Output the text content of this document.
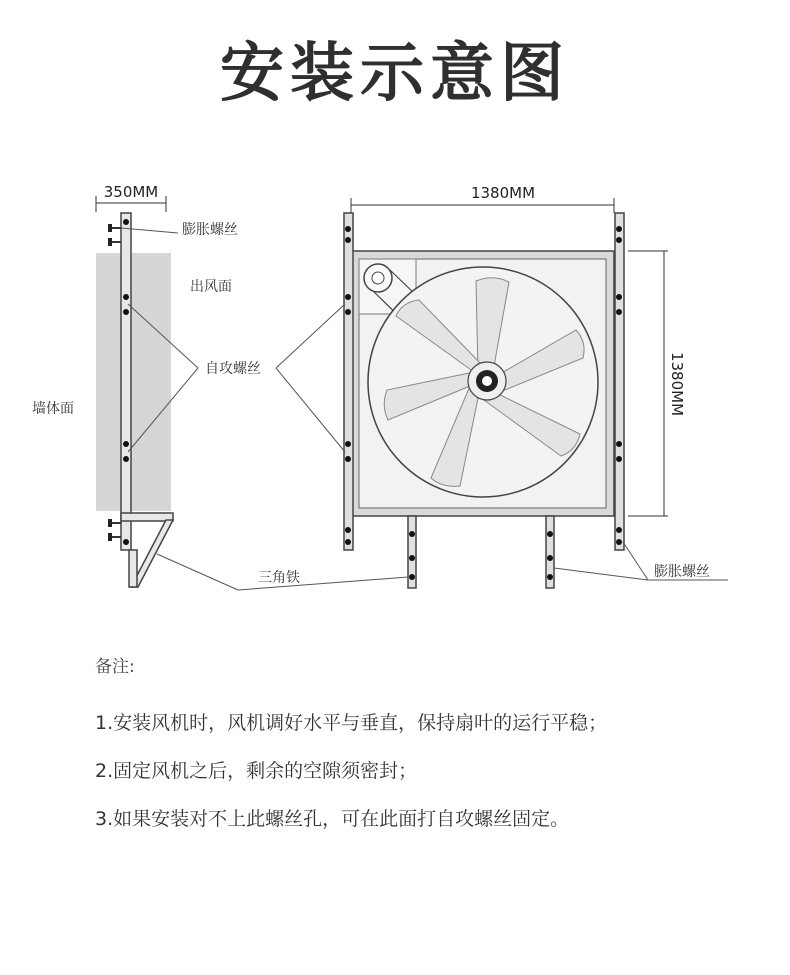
安装示意图
350MM
膨胀螺丝
出风面
墙体面
1380MM
1380MM
自攻螺丝
三角铁	膨胀螺丝
备注:
1.安装风机时，风机调好水平与垂直，保持扇叶的运行平稳；
2.固定风机之后，剩余的空隙须密封；
3.如果安装对不上此螺丝孔，可在此面打自攻螺丝固定。
